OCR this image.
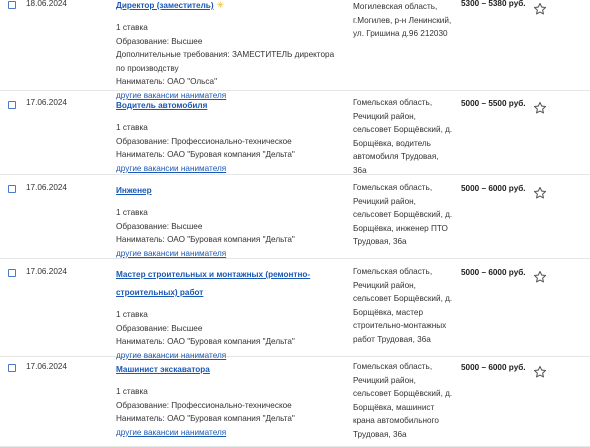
18.06.2024	Директор (заместитель) ✳
1 ставка
Образование: Высшее
Дополнительные требования: ЗАМЕСТИТЕЛЬ директора по производству
Наниматель: ОАО "Ольса"
другие вакансии нанимателя
Могилевская область, г.Могилев, р-н Ленинский, ул. Гришина д.96 212030
5300 – 5380 руб.
17.06.2024	Водитель автомобиля
1 ставка
Образование: Профессионально-техническое
Наниматель: ОАО "Буровая компания "Дельта"
другие вакансии нанимателя
Гомельская область, Речицкий район, сельсовет Борщёвский, д. Борщёвка, водитель автомобиля Трудовая, 36а
5000 – 5500 руб.
17.06.2024	Инженер
1 ставка
Образование: Высшее
Наниматель: ОАО "Буровая компания "Дельта"
другие вакансии нанимателя
Гомельская область, Речицкий район, сельсовет Борщёвский, д. Борщёвка, инженер ПТО Трудовая, 36а
5000 – 6000 руб.
17.06.2024	Мастер строительных и монтажных (ремонтно-строительных) работ
1 ставка
Образование: Высшее
Наниматель: ОАО "Буровая компания "Дельта"
другие вакансии нанимателя
Гомельская область, Речицкий район, сельсовет Борщёвский, д. Борщёвка, мастер строительно-монтажных работ Трудовая, 36а
5000 – 6000 руб.
17.06.2024	Машинист экскаватора
1 ставка
Образование: Профессионально-техническое
Наниматель: ОАО "Буровая компания "Дельта"
другие вакансии нанимателя
Гомельская область, Речицкий район, сельсовет Борщёвский, д. Борщёвка, машинист крана автомобильного Трудовая, 36а
5000 – 6000 руб.
